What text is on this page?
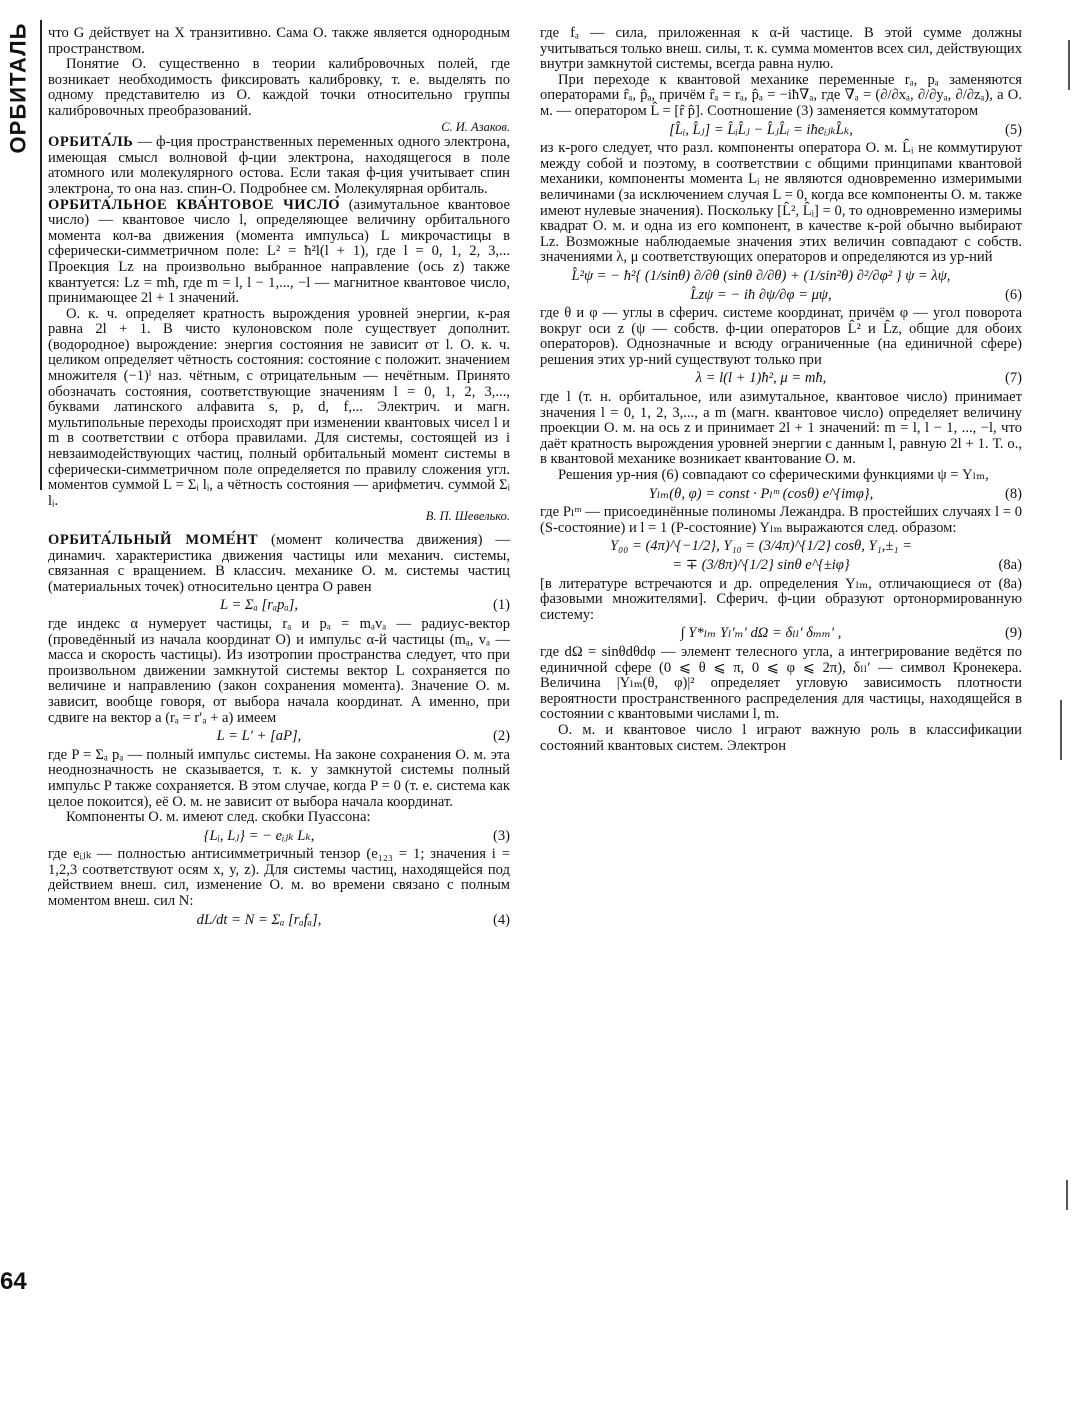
ОРБИТАЛЬ
64

что G действует на X транзитивно. Сама О. также является однородным пространством.

Понятие О. существенно в теории калибровочных полей, где возникает необходимость фиксировать калибровку, т. е. выделять по одному представителю из О. каждой точки относительно группы калибровочных преобразований.

С. И. Азаков.

ОРБИТА́ЛЬ — ф-ция пространственных переменных одного электрона, имеющая смысл волновой ф-ции электрона, находящегося в поле атомного или молекулярного остова. Если такая ф-ция учитывает спин электрона, то она наз. спин-О. Подробнее см. Молекулярная орбиталь.

ОРБИТА́ЛЬНОЕ КВА́НТОВОЕ ЧИСЛО́ (азимутальное квантовое число) — квантовое число l, определяющее величину орбитального момента кол-ва движения (момента импульса) L микрочастицы в сферически-симметричном поле: L² = ħ²l(l + 1), где l = 0, 1, 2, 3,... Проекция Lz на произвольно выбранное направление (ось z) также квантуется: Lz = mħ, где m = l, l − 1,..., −l — магнитное квантовое число, принимающее 2l + 1 значений.

О. к. ч. определяет кратность вырождения уровней энергии, к-рая равна 2l + 1. В чисто кулоновском поле существует дополнит. (водородное) вырождение: энергия состояния не зависит от l. О. к. ч. целиком определяет чётность состояния: состояние с положит. значением множителя (−1)ˡ наз. чётным, с отрицательным — нечётным. Принято обозначать состояния, соответствующие значениям l = 0, 1, 2, 3,..., буквами латинского алфавита s, p, d, f,... Электрич. и магн. мультипольные переходы происходят при изменении квантовых чисел l и m в соответствии с отбора правилами. Для системы, состоящей из i невзаимодействующих частиц, полный орбитальный момент системы в сферически-симметричном поле определяется по правилу сложения угл. моментов суммой L = Σᵢ lᵢ, а чётность состояния — арифметич. суммой Σᵢ lᵢ.

В. П. Шевелько.

ОРБИТА́ЛЬНЫЙ МОМЕ́НТ (момент количества движения) — динамич. характеристика движения частицы или механич. системы, связанная с вращением. В классич. механике О. м. системы частиц (материальных точек) относительно центра O равен

L = Σₐ [rₐpₐ],	(1)

где индекс α нумерует частицы, rₐ и pₐ = mₐvₐ — радиус-вектор (проведённый из начала координат O) и импульс α-й частицы (mₐ, vₐ — масса и скорость частицы). Из изотропии пространства следует, что при произвольном движении замкнутой системы вектор L сохраняется по величине и направлению (закон сохранения момента). Значение О. м. зависит, вообще говоря, от выбора начала координат. А именно, при сдвиге на вектор a (rₐ = r′ₐ + a) имеем

L = L′ + [aP],	(2)

где P = Σₐ pₐ — полный импульс системы. На законе сохранения О. м. эта неоднозначность не сказывается, т. к. у замкнутой системы полный импульс P также сохраняется. В этом случае, когда P = 0 (т. е. система как целое покоится), её О. м. не зависит от выбора начала координат.

Компоненты О. м. имеют след. скобки Пуассона:

{Lᵢ, Lⱼ} = − eᵢⱼₖ Lₖ,	(3)

где eᵢⱼₖ — полностью антисимметричный тензор (e₁₂₃ = 1; значения i = 1,2,3 соответствуют осям x, y, z). Для системы частиц, находящейся под действием внеш. сил, изменение О. м. во времени связано с полным моментом внеш. сил N:

dL/dt = N = Σₐ [rₐfₐ],	(4)

где fₐ — сила, приложенная к α-й частице. В этой сумме должны учитываться только внеш. силы, т. к. сумма моментов всех сил, действующих внутри замкнутой системы, всегда равна нулю.

При переходе к квантовой механике переменные rₐ, pₐ заменяются операторами r̂ₐ, p̂ₐ, причём r̂ₐ = rₐ, p̂ₐ = −iħ∇ₐ, где ∇ₐ = (∂/∂xₐ, ∂/∂yₐ, ∂/∂zₐ), а О. м. — оператором L̂ = [r̂ p̂]. Соотношение (3) заменяется коммутатором

[L̂ᵢ, L̂ⱼ] = L̂ᵢL̂ⱼ − L̂ⱼL̂ᵢ = iħeᵢⱼₖL̂ₖ,	(5)

из к-рого следует, что разл. компоненты оператора О. м. L̂ᵢ не коммутируют между собой и поэтому, в соответствии с общими принципами квантовой механики, компоненты момента Lᵢ не являются одновременно измеримыми величинами (за исключением случая L = 0, когда все компоненты О. м. также имеют нулевые значения). Поскольку [L̂², L̂ᵢ] = 0, то одновременно измеримы квадрат О. м. и одна из его компонент, в качестве к-рой обычно выбирают Lz. Возможные наблюдаемые значения этих величин совпадают с собств. значениями λ, μ соответствующих операторов и определяются из ур-ний

L̂²ψ = − ħ²{ (1/sinθ) ∂/∂θ (sinθ ∂/∂θ) + (1/sin²θ) ∂²/∂φ² } ψ = λψ,
L̂zψ = − iħ ∂ψ/∂φ = μψ,	(6)

где θ и φ — углы в сферич. системе координат, причём φ — угол поворота вокруг оси z (ψ — собств. ф-ции операторов L̂² и L̂z, общие для обоих операторов). Однозначные и всюду ограниченные (на единичной сфере) решения этих ур-ний существуют только при

λ = l(l + 1)ħ², μ = mħ,	(7)

где l (т. н. орбитальное, или азимутальное, квантовое число) принимает значения l = 0, 1, 2, 3,..., а m (магн. квантовое число) определяет величину проекции О. м. на ось z и принимает 2l + 1 значений: m = l, l − 1, ..., −l, что даёт кратность вырождения уровней энергии с данным l, равную 2l + 1. Т. о., в квантовой механике возникает квантование О. м.

Решения ур-ния (6) совпадают со сферическими функциями ψ = Yₗₘ,

Yₗₘ(θ, φ) = const · Pₗᵐ (cosθ) e^{imφ},	(8)

где Pₗᵐ — присоединённые полиномы Лежандра. В простейших случаях l = 0 (S-состояние) и l = 1 (P-состояние) Yₗₘ выражаются след. образом:

Y₀₀ = (4π)^{−1/2}, Y₁₀ = (3/4π)^{1/2} cosθ, Y₁,±₁ =
= ∓ (3/8π)^{1/2} sinθ e^{±iφ}	(8a)

[в литературе встречаются и др. определения Yₗₘ, отличающиеся от (8a) фазовыми множителями]. Сферич. ф-ции образуют ортонормированную систему:

∫ Y*ₗₘ Yₗ′ₘ′ dΩ = δₗₗ′ δₘₘ′ ,	(9)

где dΩ = sinθdθdφ — элемент телесного угла, а интегрирование ведётся по единичной сфере (0 ⩽ θ ⩽ π, 0 ⩽ φ ⩽ 2π), δₗₗ′ — символ Кронекера. Величина |Yₗₘ(θ, φ)|² определяет угловую зависимость плотности вероятности пространственного распределения для частицы, находящейся в состоянии с квантовыми числами l, m.

О. м. и квантовое число l играют важную роль в классификации состояний квантовых систем. Электрон
